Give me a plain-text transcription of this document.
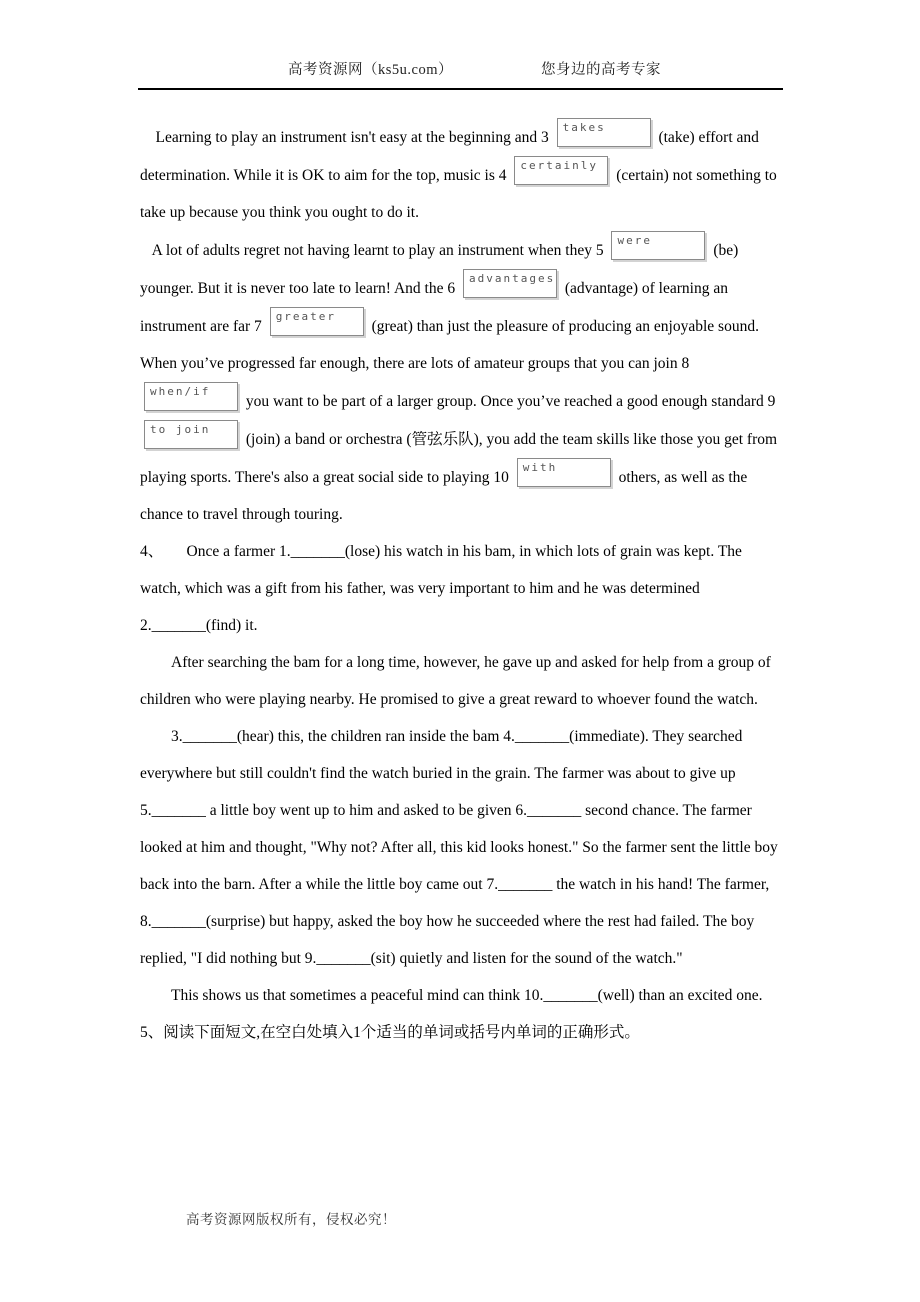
高考资源网（ks5u.com）	您身边的高考专家

Learning to play an instrument isn't easy at the beginning and 3
takes
(take) effort and determination. While it is OK to aim for the top, music is 4
certainly
(certain) not something to take up because you think you ought to do it.

A lot of adults regret not having learnt to play an instrument when they 5
were
(be) younger. But it is never too late to learn! And the 6
advantages
(advantage) of learning an instrument are far 7
greater
(great) than just the pleasure of producing an enjoyable sound. When you’ve progressed far enough, there are lots of amateur groups that you can join 8
when/if
you want to be part of a larger group. Once you’ve reached a good enough standard 9
to join
(join) a band or orchestra (管弦乐队), you add the team skills like those you get from playing sports. There's also a great social side to playing 10
with
others, as well as the chance to travel through touring.

4、　　Once a farmer 1._______(lose) his watch in his bam, in which lots of grain was kept. The watch, which was a gift from his father, was very important to him and he was determined 2._______(find) it.

　　After searching the bam for a long time, however, he gave up and asked for help from a group of children who were playing nearby. He promised to give a great reward to whoever found the watch.

　　3._______(hear) this, the children ran inside the bam 4._______(immediate). They searched everywhere but still couldn't find the watch buried in the grain. The farmer was about to give up 5._______ a little boy went up to him and asked to be given 6._______ second chance. The farmer looked at him and thought, "Why not? After all, this kid looks honest." So the farmer sent the little boy back into the barn. After a while the little boy came out 7._______ the watch in his hand! The farmer, 8._______(surprise) but happy, asked the boy how he succeeded where the rest had failed. The boy replied, "I did nothing but 9._______(sit) quietly and listen for the sound of the watch."

　　This shows us that sometimes a peaceful mind can think 10._______(well) than an excited one.

5、阅读下面短文,在空白处填入1个适当的单词或括号内单词的正确形式。

高考资源网版权所有，侵权必究！
